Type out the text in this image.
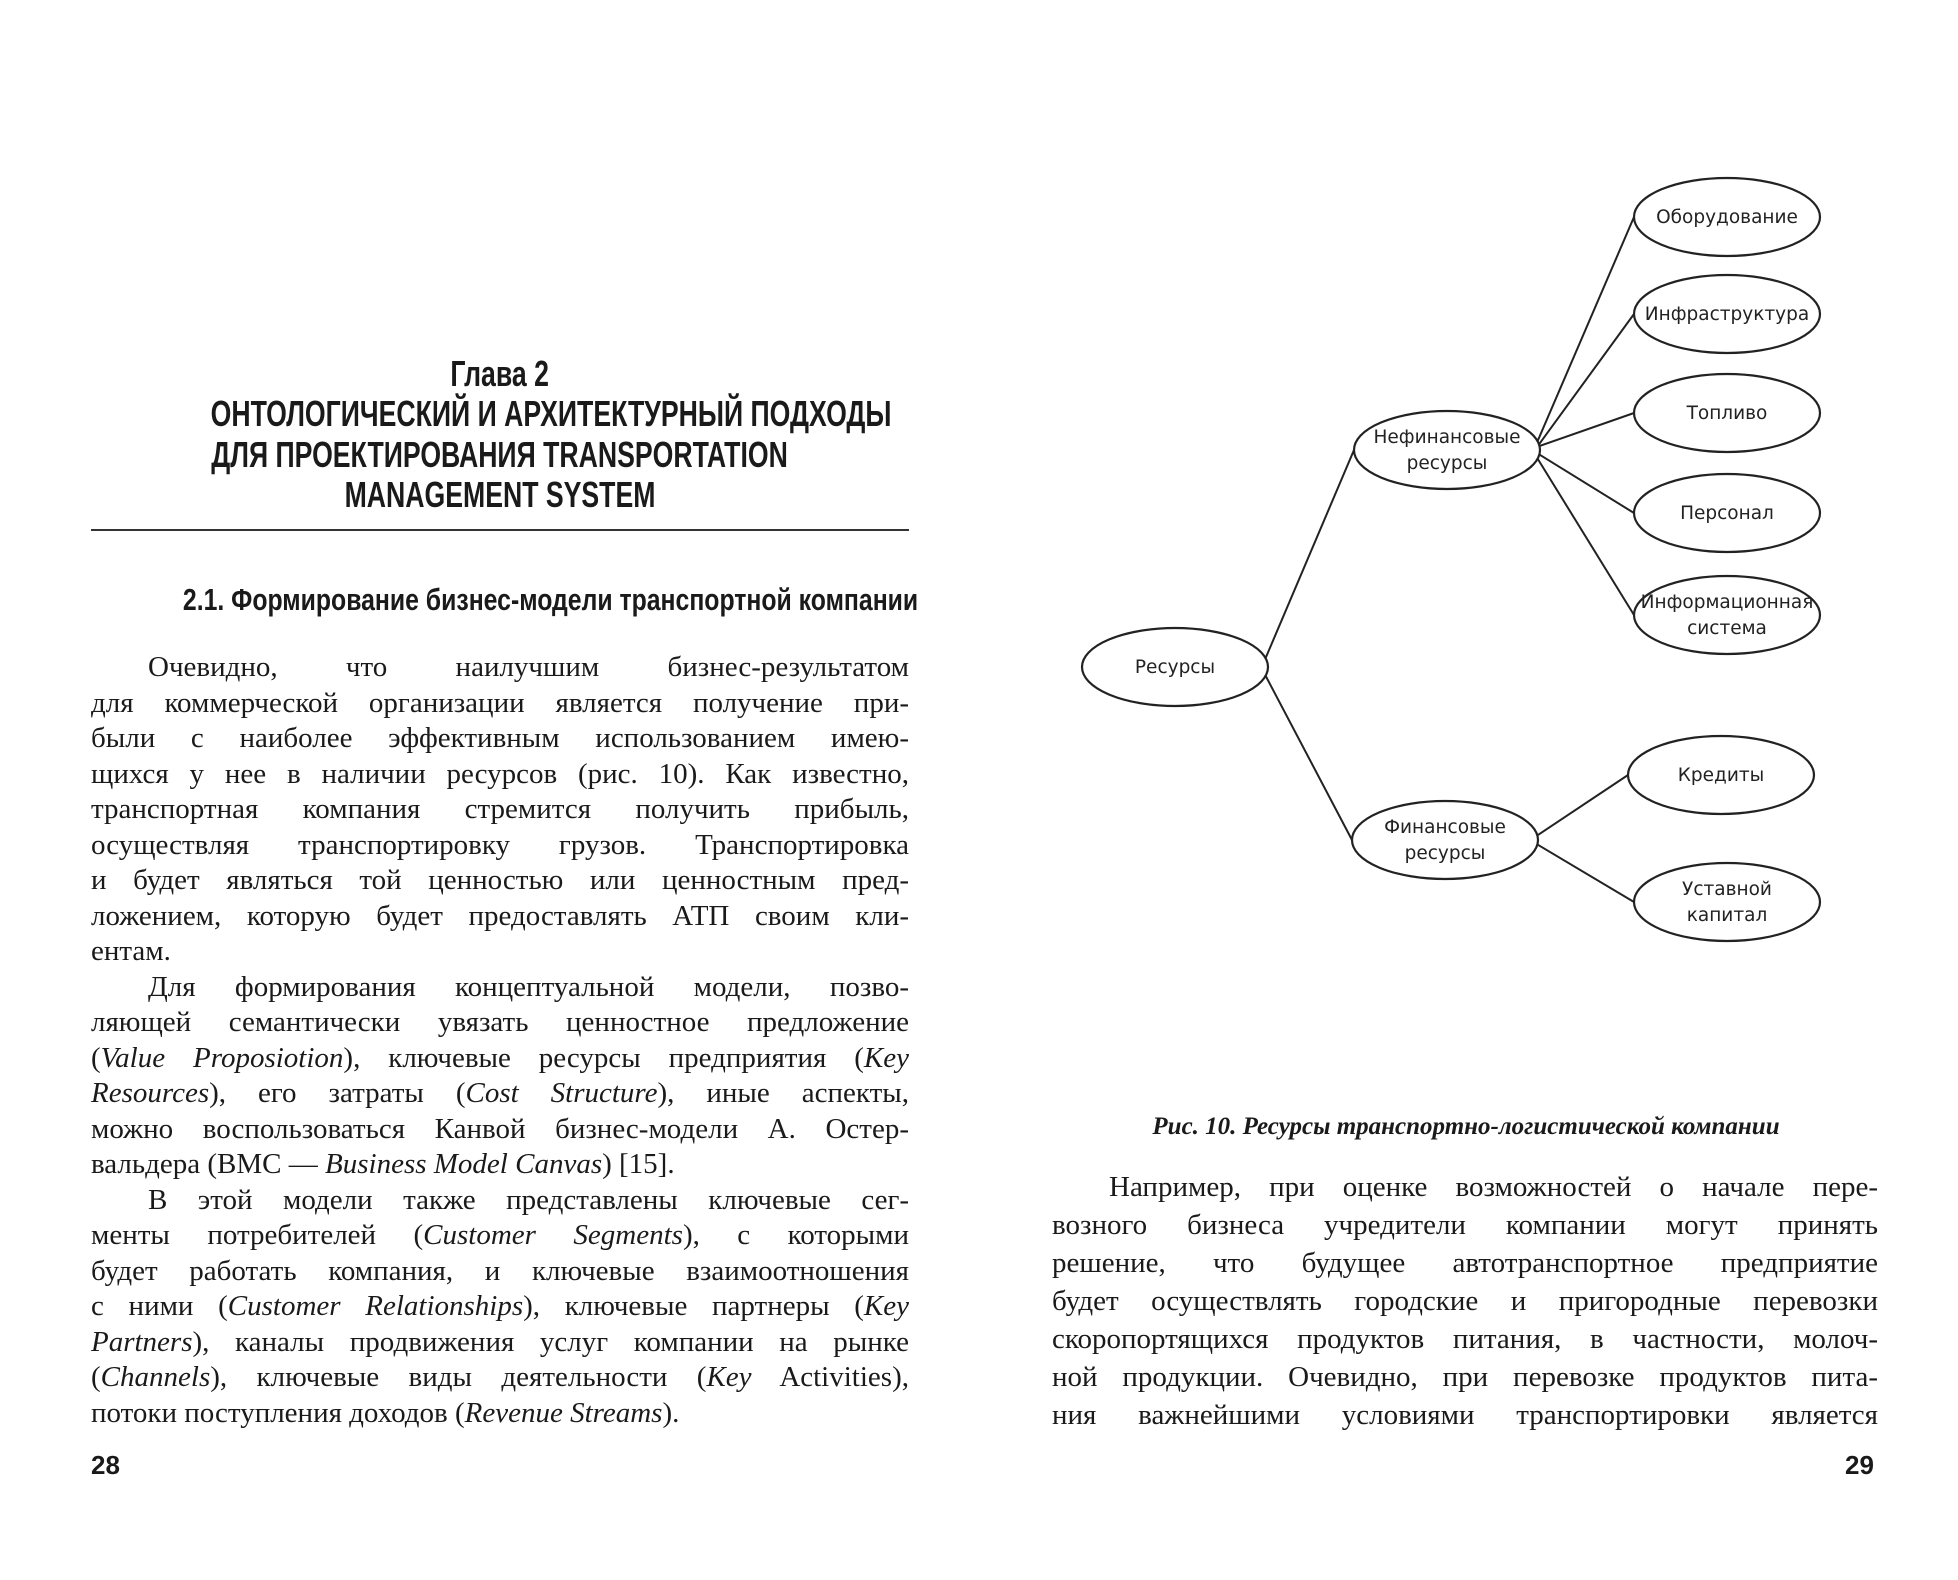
Глава 2
ОНТОЛОГИЧЕСКИЙ И АРХИТЕКТУРНЫЙ ПОДХОДЫ
ДЛЯ ПРОЕКТИРОВАНИЯ TRANSPORTATION
MANAGEMENT SYSTEM
2.1. Формирование бизнес-модели транспортной компании
Очевидно, что наилучшим бизнес-результатом
для коммерческой организации является получение при-
были с наиболее эффективным использованием имею-
щихся у нее в наличии ресурсов (рис. 10). Как известно,
транспортная компания стремится получить прибыль,
осуществляя транспортировку грузов. Транспортировка
и будет являться той ценностью или ценностным пред-
ложением, которую будет предоставлять АТП своим кли-
ентам.
Для формирования концептуальной модели, позво-
ляющей семантически увязать ценностное предложение
(Value Proposiotion), ключевые ресурсы предприятия (Key
Resources), его затраты (Cost Structure), иные аспекты,
можно воспользоваться Канвой бизнес-модели А. Остер-
вальдера (BMC — Business Model Canvas) [15].
В этой модели также представлены ключевые сег-
менты потребителей (Customer Segments), с которыми
будет работать компания, и ключевые взаимоотношения
с ними (Customer Relationships), ключевые партнеры (Key
Partners), каналы продвижения услуг компании на рынке
(Channels), ключевые виды деятельности (Key Activities),
потоки поступления доходов (Revenue Streams).
28
Ресурсы
Нефинансовые
ресурсы
Финансовые
ресурсы
Оборудование
Инфраструктура
Топливо
Персонал
Информационная
система
Кредиты
Уставной
капитал
Рис. 10. Ресурсы транспортно-логистической компании
Например, при оценке возможностей о начале пере-
возного бизнеса учредители компании могут принять
решение, что будущее автотранспортное предприятие
будет осуществлять городские и пригородные перевозки
скоропортящихся продуктов питания, в частности, молоч-
ной продукции. Очевидно, при перевозке продуктов пита-
ния важнейшими условиями транспортировки является
29
